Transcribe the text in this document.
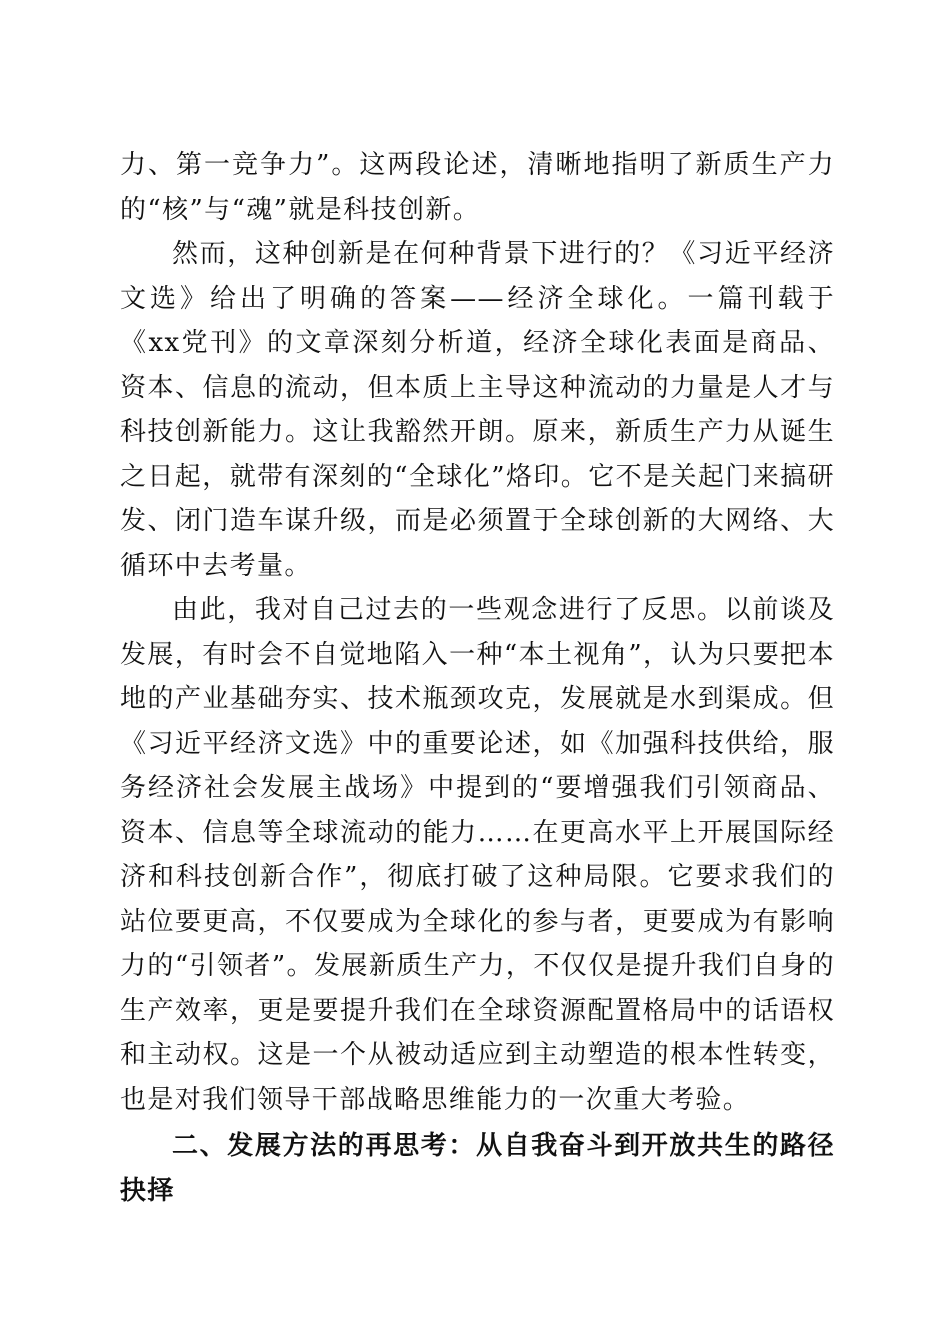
力、第一竞争力”。这两段论述，清晰地指明了新质生产力的“核”与“魂”就是科技创新。

然而，这种创新是在何种背景下进行的？《习近平经济文选》给出了明确的答案——经济全球化。一篇刊载于《xx党刊》的文章深刻分析道，经济全球化表面是商品、资本、信息的流动，但本质上主导这种流动的力量是人才与科技创新能力。这让我豁然开朗。原来，新质生产力从诞生之日起，就带有深刻的“全球化”烙印。它不是关起门来搞研发、闭门造车谋升级，而是必须置于全球创新的大网络、大循环中去考量。

由此，我对自己过去的一些观念进行了反思。以前谈及发展，有时会不自觉地陷入一种“本土视角”，认为只要把本地的产业基础夯实、技术瓶颈攻克，发展就是水到渠成。但《习近平经济文选》中的重要论述，如《加强科技供给，服务经济社会发展主战场》中提到的“要增强我们引领商品、资本、信息等全球流动的能力……在更高水平上开展国际经济和科技创新合作”，彻底打破了这种局限。它要求我们的站位要更高，不仅要成为全球化的参与者，更要成为有影响力的“引领者”。发展新质生产力，不仅仅是提升我们自身的生产效率，更是要提升我们在全球资源配置格局中的话语权和主动权。这是一个从被动适应到主动塑造的根本性转变，也是对我们领导干部战略思维能力的一次重大考验。

二、发展方法的再思考：从自我奋斗到开放共生的路径抉择
